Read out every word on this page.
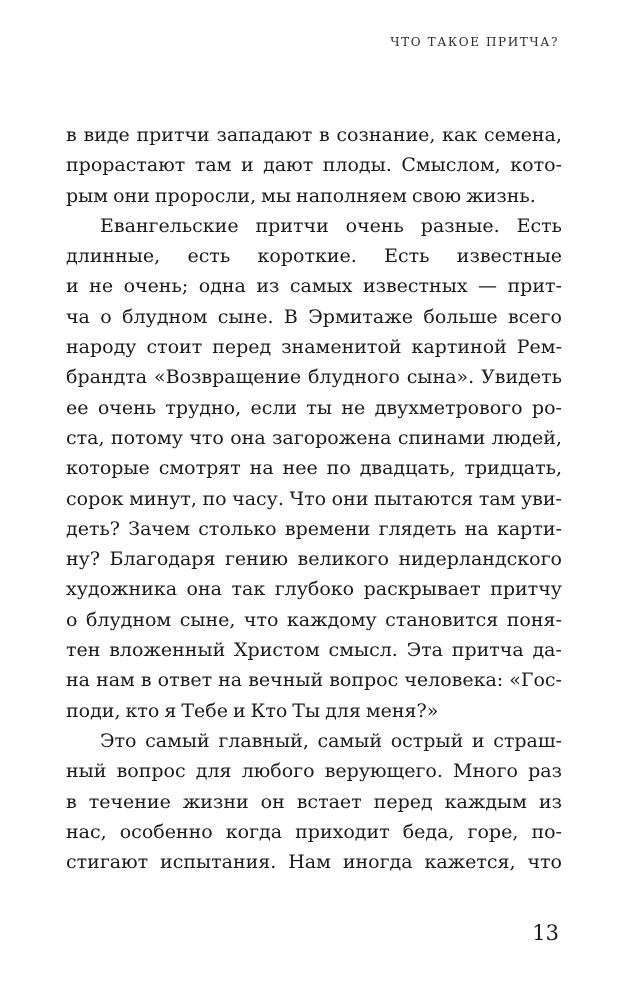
ЧТО ТАКОЕ ПРИТЧА?
в виде притчи западают в сознание, как семена,
прорастают там и дают плоды. Смыслом, кото-
рым они проросли, мы наполняем свою жизнь.
Евангельские притчи очень разные. Есть
длинные, есть короткие. Есть известные
и не очень; одна из самых известных — прит-
ча о блудном сыне. В Эрмитаже больше всего
народу стоит перед знаменитой картиной Рем-
брандта «Возвращение блудного сына». Увидеть
ее очень трудно, если ты не двухметрового ро-
ста, потому что она загорожена спинами людей,
которые смотрят на нее по двадцать, тридцать,
сорок минут, по часу. Что они пытаются там уви-
деть? Зачем столько времени глядеть на карти-
ну? Благодаря гению великого нидерландского
художника она так глубоко раскрывает притчу
о блудном сыне, что каждому становится поня-
тен вложенный Христом смысл. Эта притча да-
на нам в ответ на вечный вопрос человека: «Гос-
поди, кто я Тебе и Кто Ты для меня?»
Это самый главный, самый острый и страш-
ный вопрос для любого верующего. Много раз
в течение жизни он встает перед каждым из
нас, особенно когда приходит беда, горе, по-
стигают испытания. Нам иногда кажется, что
13
